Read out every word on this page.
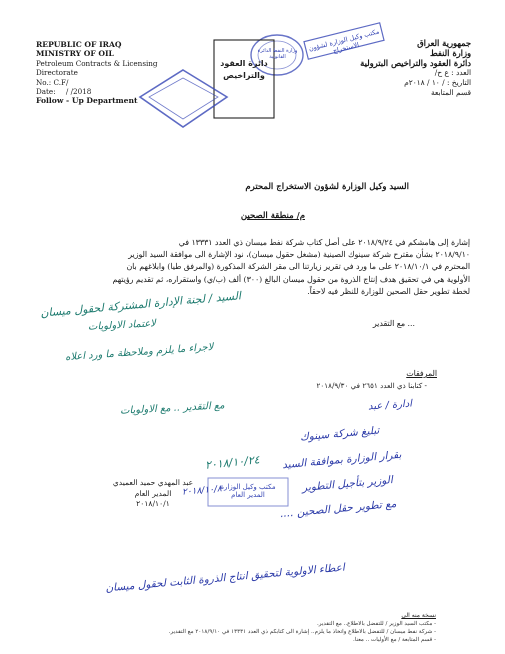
REPUBLIC OF IRAQ
MINISTRY OF OIL
Petroleum Contracts & Licensing
Directorate
No.: C.F/
Date: / /2018
Follow - Up Department
جمهورية العراق
وزارة النفط
دائرة العقود والتراخيص البترولية
العدد : ع ح/
التاريخ : / ١٠ / ٢٠١٨م
قسم المتابعة
مكتب وكيل الوزارة لشؤون الاستخراج
وزارة النفط الدائرة القانونية
دائرة العقود والتراخيص
مكتب وكيل الوزارة المدير العام
السيد وكيل الوزارة لشؤون الاستخراج المحترم
م/ منطقة الصحين
إشارة إلى هامشكم في ٢٠١٨/٩/٢٤ على أصل كتاب شركة نفط ميسان ذي العدد ١٣٣٣١ في
٢٠١٨/٩/١٠ بشأن مقترح شركة سينوك الصينية (مشغل حقول ميسان)، نود الإشارة الى موافقة السيد الوزير
المحترم في ٢٠١٨/١٠/١ على ما ورد في تقرير زيارتنا الى مقر الشركة المذكورة (والمرفق طيا) وابلاغهم بان
الأولوية هي في تحقيق هدف إنتاج الذروة من حقول ميسان البالغ (٣٠٠) ألف (ب/ي) واستقراره، ثم تقديم رؤيتهم
لخطة تطوير حقل الصحين للوزارة للنظر فيه لاحقاً.
... مع التقدير
المرفقات
- كتابنا ذي العدد ٢٦٥١ في ٢٠١٨/٩/٣٠
عبد المهدي حميد العميدي
المدير العام
٢٠١٨/١٠/١
السيد / لجنة الإدارة المشتركة لحقول ميسان
لاعتماد الاولويات
لاجراء ما يلزم وملاحظة ما ورد اعلاه
مع التقدير .. مع الاولويات
٢٠١٨/١٠/٢٤
ادارة / عبد
تبليغ شركة سينوك
بقرار الوزارة بموافقة السيد
الوزير بتأجيل التطوير
مع تطوير حقل الصحين ....
اعطاء الاولوية لتحقيق انتاج الذروة الثابت لحقول ميسان
٢٠١٨/١٠/٨
نسخة منه الى
- مكتب السيد الوزير / للتفضل بالاطلاع.. مع التقدير.
- شركة نفط ميسان / للتفضل بالاطلاع واتخاذ ما يلزم.. إشارة الى كتابكم ذي العدد ١٣٣٣١ في ٢٠١٨/٩/١٠ مع التقدير.
- قسم المتابعة / مع الأوليات .. معنا.
